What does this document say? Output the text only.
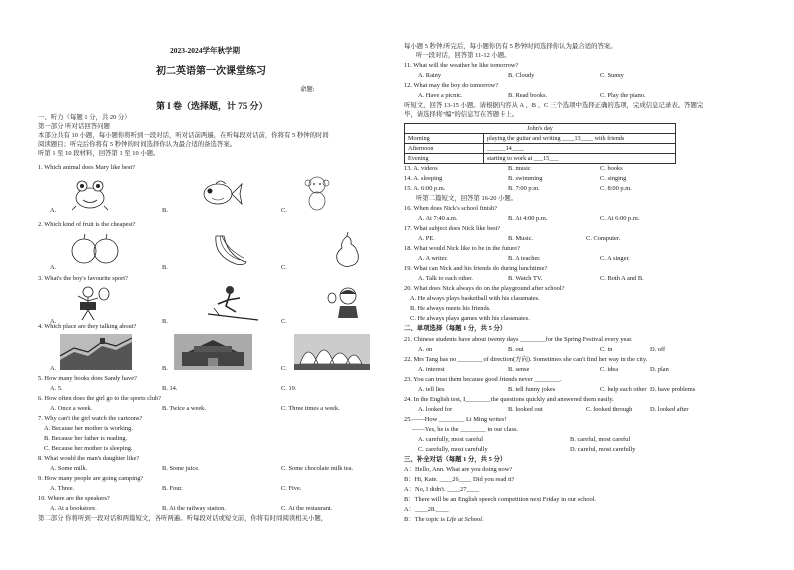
2023-2024学年秋学期
初二英语第一次课堂练习
命题:
第 I 卷（选择题，计 75 分）
一、听力（每题 1 分，共 20 分）
第一部分 听对话回答问题
本部分共有 10 小题，每小题你将听到一段对话，听对话前两遍，在听每段对话前，你将有 5 秒钟的时间
阅读题目；听完后你将有 5 秒钟的时间选择你认为最合适的备选答案。
听第 1 至 10 段材料，回答第 1 至 10 小题。
1. Which animal does Mary like best?
A.	B.	C.
2. Which kind of fruit is the cheapest?
A.	B.	C.
3. What's the boy's favourite sport?
A.	B.	C.
4. Which place are they talking about?
A.	B.	C.
5. How many books does Sandy have?
A. 5.	B. 14.	C. 19.
6. How often does the girl go to the sports club?
A. Once a week.	B. Twice a week.	C. Three times a week.
7. Why can't the girl watch the cartoons?
A. Because her mother is working.
B. Because her father is reading.
C. Because her mother is sleeping.
8. What would the man's daughter like?
A. Some milk.	B. Some juice.	C. Some chocolate milk tea.
9. How many people are going camping?
A. Three.	B. Four.	C. Five.
10. Where are the speakers?
A. At a bookstore.	B. At the railway station.	C. At the restaurant.
第二部分 你将听到一段对话和两篇短文，各听两遍。听每段对话或短文前，你将有时间阅读相关小题，
每小题 5 秒钟;听完后，每小题你仍有 5 秒钟时间选择你认为最合适的答案。
听一段对话，回答第 11-12 小题。
11. What will the weather be like tomorrow?
A. Rainy	B. Cloudy	C. Sunny
12. What may the boy do tomorrow?
A. Have a picnic.	B. Read books.	C. Play the piano.
听短文，回答 13-15 小题。请根据内容从 A 、B 、C 三个选项中选择正确的选项，完成信息记录表。答题完
毕，请选择将“编”的信息写在答题卡上。
John's day	
Morning	playing the guitar and writing ____13____ with friends
Afternoon	______14____
Evening	starting to work at ___15___
13. A. videos	B. music	C. books
14. A. sleeping	B. swimming	C. singing
15. A. 6:00 p.m.	B. 7:00 p.m.	C. 8:00 p.m.
听第二篇短文，回答第 16-20 小题。
16. When does Nick's school finish?
A. At 7:40 a.m.	B. At 4:00 p.m.	C. At 6:00 p.m.
17. What subject does Nick like best?
A. PE.	B. Music.	C. Computer.
18. What would Nick like to be in the future?
A. A writer.	B. A teacher.	C. A singer.
19. What can Nick and his friends do during lunchtime?
A. Talk to each other.	B. Watch TV.	C. Both A and B.
20. What does Nick always do on the playground after school?
A. He always plays basketball with his classmates.
B. He always meets his friends.
C. He always plays games with his classmates.
二、单项选择（每题 1 分，共 5 分）
21. Chinese students have about twenty days ________for the Spring Festival every year.
A. on	B. out	C. in	D. off
22. Mrs Tang has no ________of direction(方向). Sometimes she can't find her way in the city.
A. interest	B. sense	C. idea	D. plan
23. You can trust them because good friends never ________.
A. tell lies	B. tell funny jokes	C. help each other D. have problems
24. In the English test, I________the questions quickly and answered them easily.
A. looked for	B. looked out	C. looked through	D. looked after
25.——How ________ Li Ming writes!
——Yes, he is the ________ in our class.
A. carefully, most careful	B. careful, most careful
C. carefully, most carefully	D. careful, most carefully
三、补全对话（每题 1 分，共 5 分）
A：Hello, Ann. What are you doing now?
B：Hi, Kate. ____26____ Did you read it?
A：No, I didn't. ____27____
B：There will be an English speech competition next Friday in our school.
A：____28.____
B：The topic is Life at School.
